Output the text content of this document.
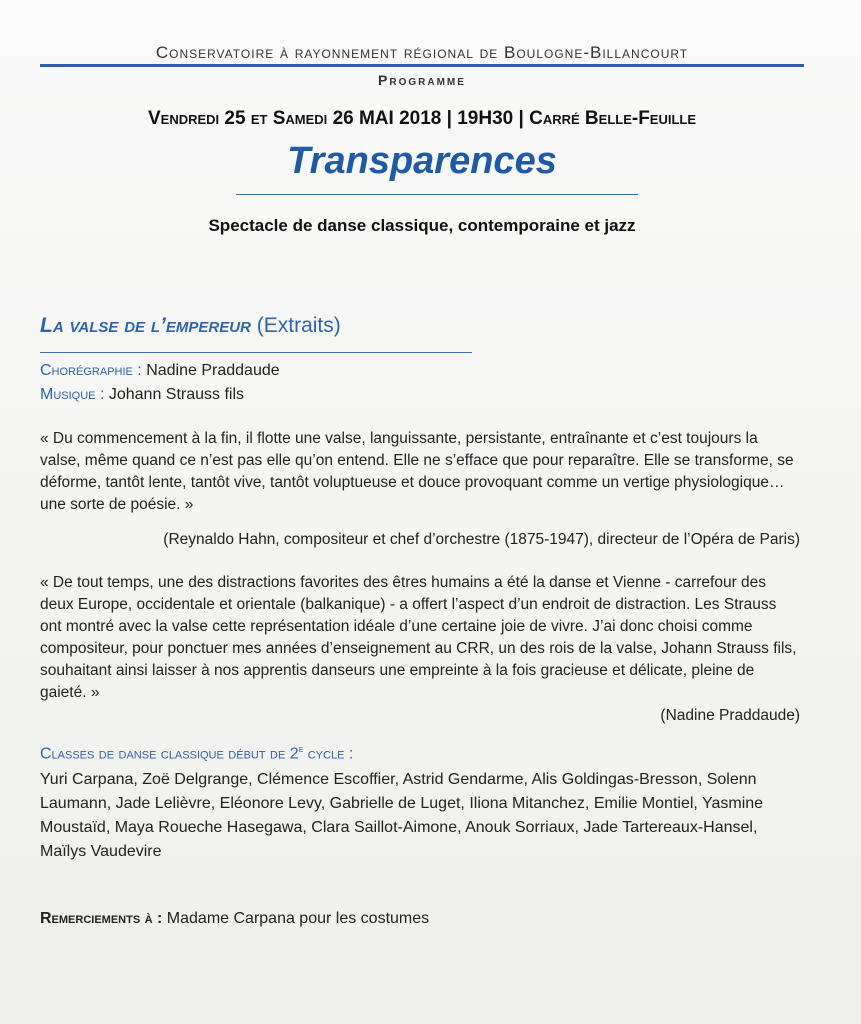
Conservatoire à rayonnement régional de Boulogne-Billancourt
Programme
Vendredi 25 et Samedi 26 MAI 2018 | 19H30 | Carré Belle-Feuille
Transparences
Spectacle de danse classique, contemporaine et jazz
La valse de l’empereur (Extraits)
Chorégraphie : Nadine Praddaude
Musique : Johann Strauss fils
« Du commencement à la fin, il flotte une valse, languissante, persistante, entraînante et c’est toujours la valse, même quand ce n’est pas elle qu’on entend. Elle ne s’efface que pour reparaître. Elle se transforme, se déforme, tantôt lente, tantôt vive, tantôt voluptueuse et douce provoquant comme un vertige physiologique… une sorte de poésie. »
(Reynaldo Hahn, compositeur et chef d’orchestre (1875-1947), directeur de l’Opéra de Paris)
« De tout temps, une des distractions favorites des êtres humains a été la danse et Vienne - carrefour des deux Europe, occidentale et orientale (balkanique) - a offert l’aspect d’un endroit de distraction. Les Strauss ont montré avec la valse cette représentation idéale d’une certaine joie de vivre. J’ai donc choisi comme compositeur, pour ponctuer mes années d’enseignement au CRR, un des rois de la valse, Johann Strauss fils, souhaitant ainsi laisser à nos apprentis danseurs une empreinte à la fois gracieuse et délicate, pleine de gaieté. »
(Nadine Praddaude)
Classes de danse classique début de 2e cycle :
Yuri Carpana, Zoë Delgrange, Clémence Escoffier, Astrid Gendarme, Alis Goldingas-Bresson, Solenn Laumann, Jade Lelièvre, Eléonore Levy, Gabrielle de Luget, Iliona Mitanchez, Emilie Montiel, Yasmine Moustaïd, Maya Roueche Hasegawa, Clara Saillot-Aimone, Anouk Sorriaux, Jade Tartereaux-Hansel, Maïlys Vaudevire
Remerciements à : Madame Carpana pour les costumes
